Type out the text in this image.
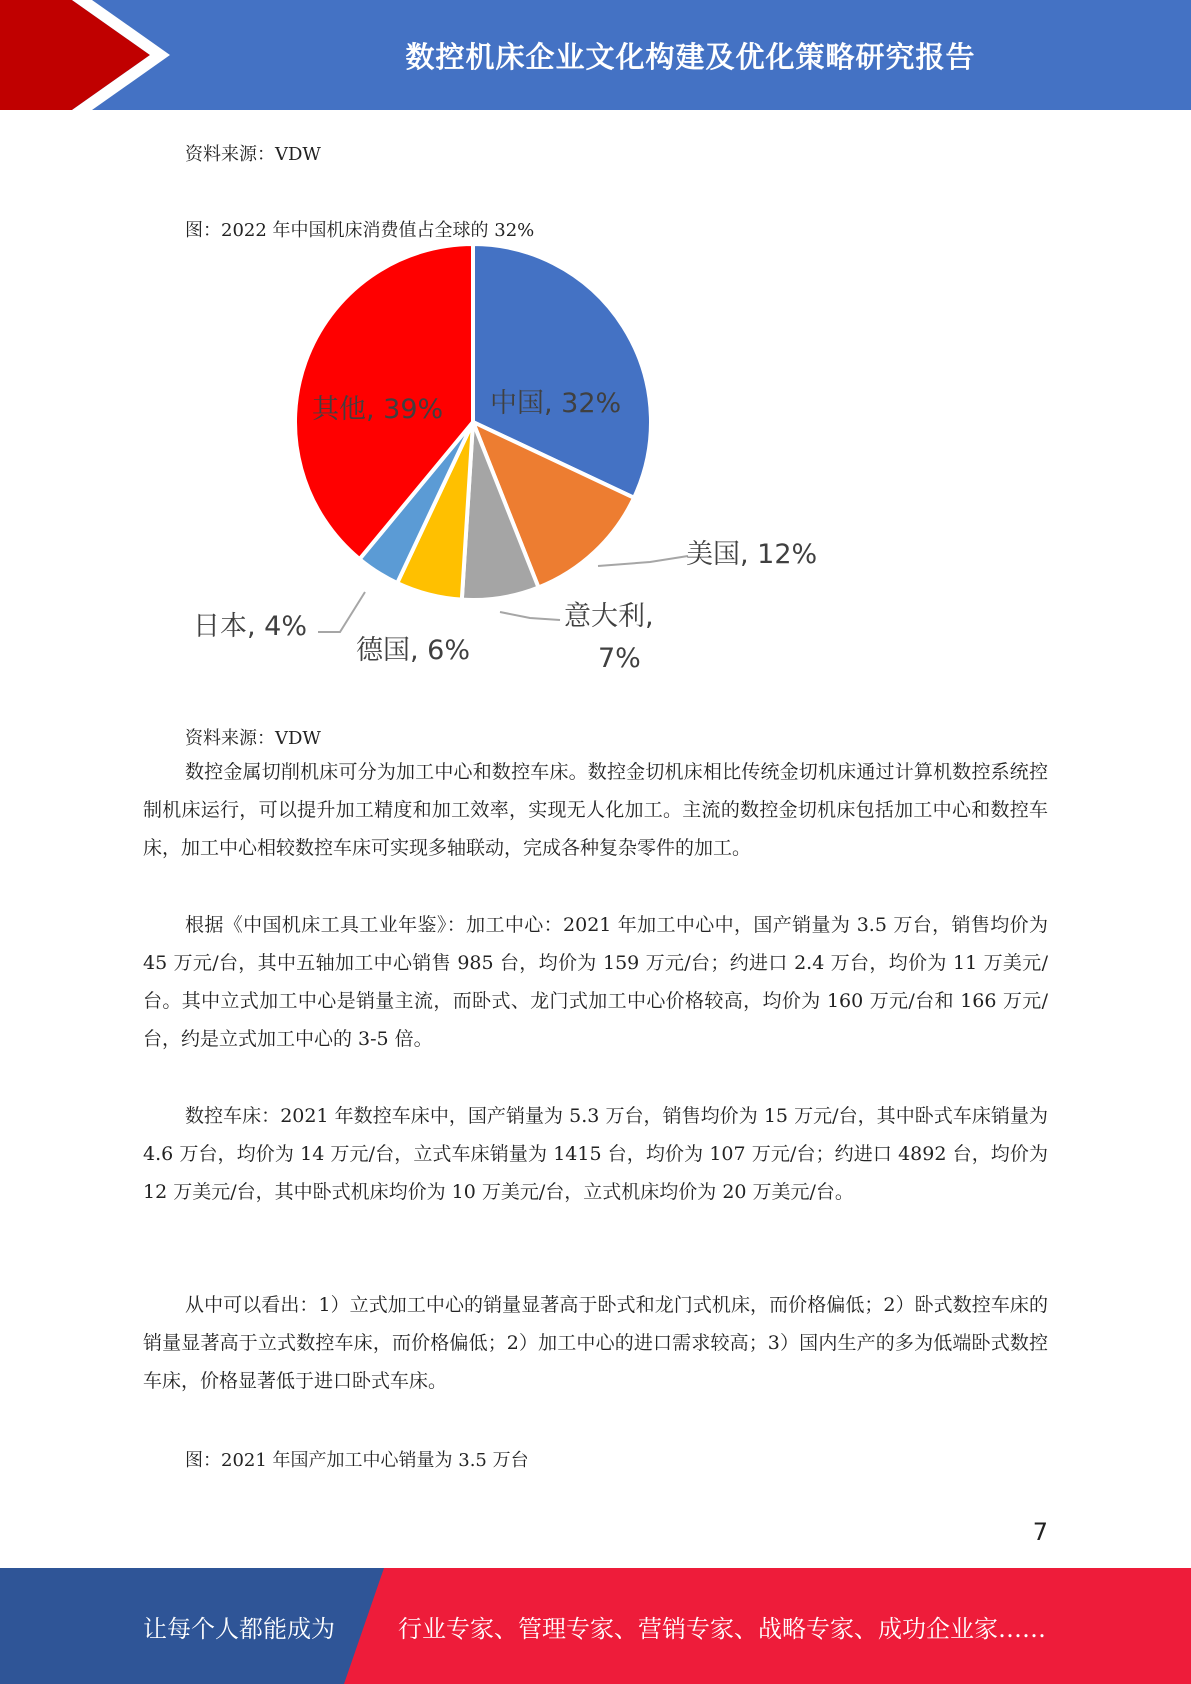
数控机床企业文化构建及优化策略研究报告
资料来源：VDW
图：2022 年中国机床消费值占全球的 32%
中国, 32%
其他, 39%
美国, 12%
意大利,
7%
德国, 6%
日本, 4%
资料来源：VDW

数控金属切削机床可分为加工中心和数控车床。数控金切机床相比传统金切机床通过计算机数控系统控制机床运行，可以提升加工精度和加工效率，实现无人化加工。主流的数控金切机床包括加工中心和数控车床，加工中心相较数控车床可实现多轴联动，完成各种复杂零件的加工。

根据《中国机床工具工业年鉴》：加工中心：2021 年加工中心中，国产销量为 3.5 万台，销售均价为 45 万元/台，其中五轴加工中心销售 985 台，均价为 159 万元/台；约进口 2.4 万台，均价为 11 万美元/台。其中立式加工中心是销量主流，而卧式、龙门式加工中心价格较高，均价为 160 万元/台和 166 万元/台，约是立式加工中心的 3-5 倍。

数控车床：2021 年数控车床中，国产销量为 5.3 万台，销售均价为 15 万元/台，其中卧式车床销量为 4.6 万台，均价为 14 万元/台，立式车床销量为 1415 台，均价为 107 万元/台；约进口 4892 台，均价为 12 万美元/台，其中卧式机床均价为 10 万美元/台，立式机床均价为 20 万美元/台。

从中可以看出：1）立式加工中心的销量显著高于卧式和龙门式机床，而价格偏低；2）卧式数控车床的销量显著高于立式数控车床，而价格偏低；2）加工中心的进口需求较高；3）国内生产的多为低端卧式数控车床，价格显著低于进口卧式车床。

图：2021 年国产加工中心销量为 3.5 万台
7
让每个人都能成为	行业专家、管理专家、营销专家、战略专家、成功企业家……
